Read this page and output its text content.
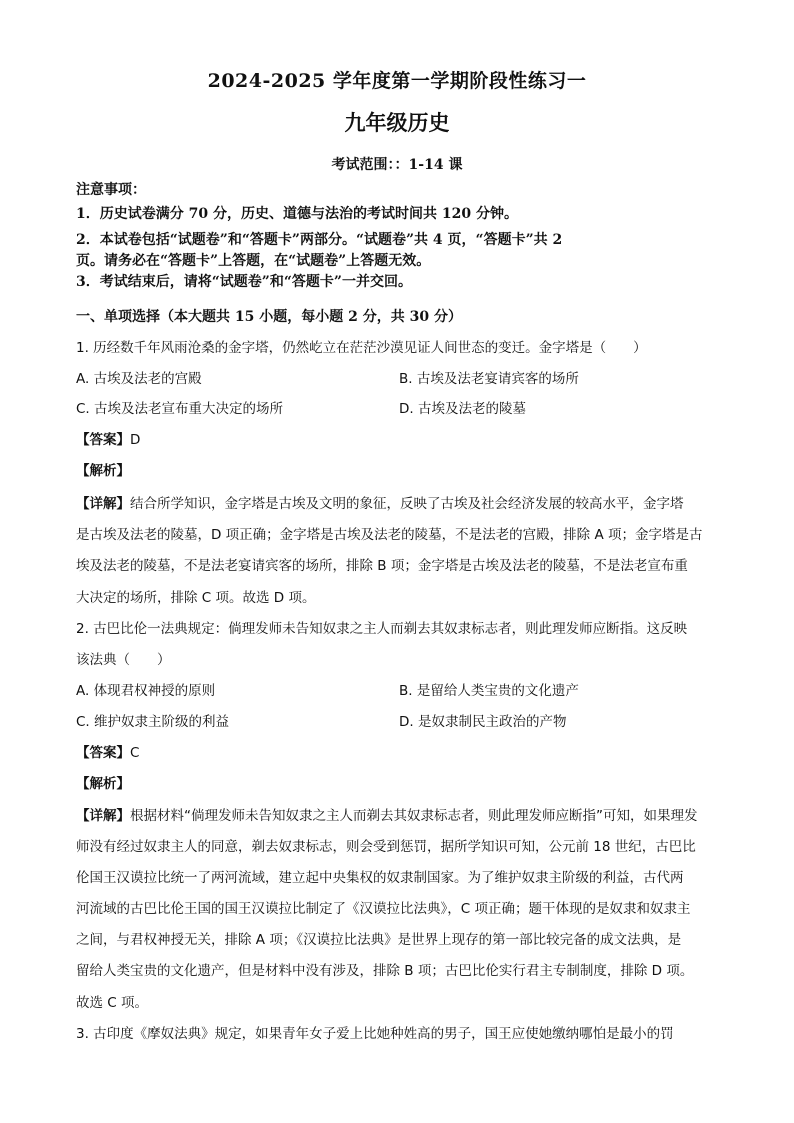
2024-2025 学年度第一学期阶段性练习一
九年级历史
考试范围：：1-14 课
注意事项：
1．历史试卷满分 70 分，历史、道德与法治的考试时间共 120 分钟。
2．本试卷包括“试题卷”和“答题卡”两部分。“试题卷”共 4 页，“答题卡”共 2
页。请务必在“答题卡”上答题，在“试题卷”上答题无效。
3．考试结束后，请将“试题卷”和“答题卡”一并交回。
一、单项选择（本大题共 15 小题，每小题 2 分，共 30 分）
1. 历经数千年风雨沧桑的金字塔，仍然屹立在茫茫沙漠见证人间世态的变迁。金字塔是（　　）
A. 古埃及法老的宫殿	B. 古埃及法老宴请宾客的场所
C. 古埃及法老宣布重大决定的场所	D. 古埃及法老的陵墓
【答案】D
【解析】
【详解】结合所学知识，金字塔是古埃及文明的象征，反映了古埃及社会经济发展的较高水平，金字塔
是古埃及法老的陵墓，D 项正确；金字塔是古埃及法老的陵墓，不是法老的宫殿，排除 A 项；金字塔是古
埃及法老的陵墓，不是法老宴请宾客的场所，排除 B 项；金字塔是古埃及法老的陵墓，不是法老宣布重
大决定的场所，排除 C 项。故选 D 项。
2. 古巴比伦一法典规定：倘理发师未告知奴隶之主人而剃去其奴隶标志者，则此理发师应断指。这反映
该法典（　　）
A. 体现君权神授的原则	B. 是留给人类宝贵的文化遗产
C. 维护奴隶主阶级的利益	D. 是奴隶制民主政治的产物
【答案】C
【解析】
【详解】根据材料“倘理发师未告知奴隶之主人而剃去其奴隶标志者，则此理发师应断指”可知，如果理发
师没有经过奴隶主人的同意，剃去奴隶标志，则会受到惩罚，据所学知识可知，公元前 18 世纪，古巴比
伦国王汉谟拉比统一了两河流域，建立起中央集权的奴隶制国家。为了维护奴隶主阶级的利益，古代两
河流域的古巴比伦王国的国王汉谟拉比制定了《汉谟拉比法典》，C 项正确；题干体现的是奴隶和奴隶主
之间，与君权神授无关，排除 A 项；《汉谟拉比法典》是世界上现存的第一部比较完备的成文法典，是
留给人类宝贵的文化遗产，但是材料中没有涉及，排除 B 项；古巴比伦实行君主专制制度，排除 D 项。
故选 C 项。
3. 古印度《摩奴法典》规定，如果青年女子爱上比她种姓高的男子，国王应使她缴纳哪怕是最小的罚
